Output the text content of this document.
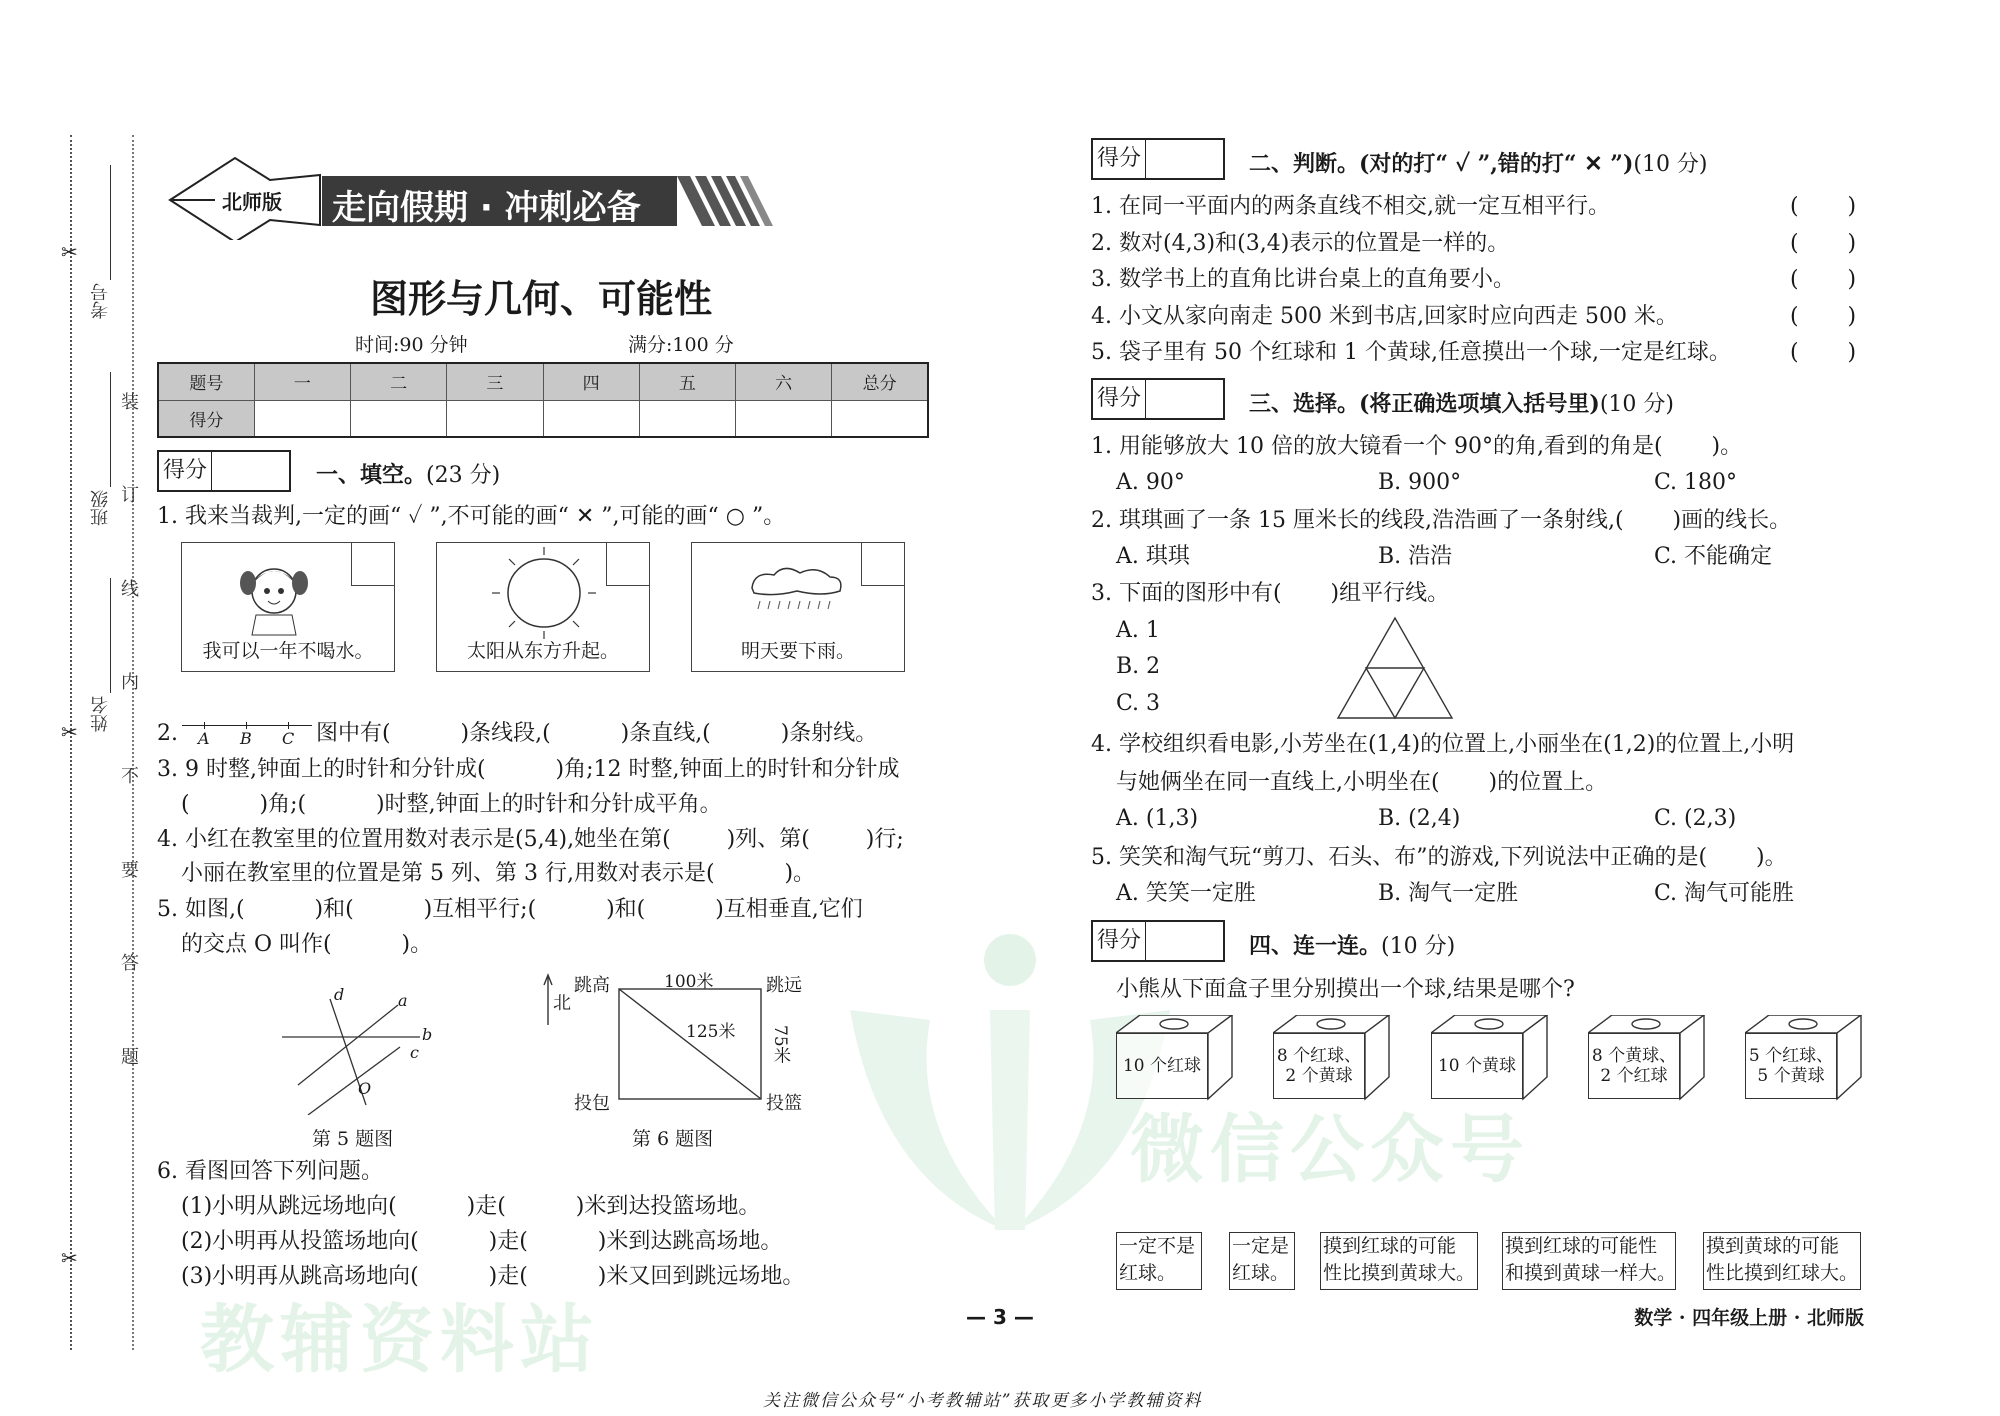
微信公众号
教辅资料站
✂
✂
✂
考号
班级
姓名
装
订
线
内
不
要
答
题
北师版 走向假期 · 冲刺必备
图形与几何、可能性
时间:90 分钟	满分:100 分
题号	一	二	三	四	五	六	总分
得分							
得分	一、填空。(23 分)
1. 我来当裁判,一定的画“ ✓ ”,不可能的画“ ✕ ”,可能的画“ ○ ”。
我可以一年不喝水。	太阳从东方升起。	明天要下雨。
2. A B C 图中有(          )条线段,(          )条直线,(          )条射线。
3. 9 时整,钟面上的时针和分针成(          )角;12 时整,钟面上的时针和分针成
(          )角;(          )时整,钟面上的时针和分针成平角。
4. 小红在教室里的位置用数对表示是(5,4),她坐在第(        )列、第(        )行;
小丽在教室里的位置是第 5 列、第 3 行,用数对表示是(          )。
5. 如图,(          )和(          )互相平行;(          )和(          )互相垂直,它们
的交点 O 叫作(          )。
d	a
b
c
O
第 5 题图
北
跳高	跳远
投包	投篮
100米
125米 75米
第 6 题图
6. 看图回答下列问题。
(1)小明从跳远场地向(          )走(          )米到达投篮场地。
(2)小明再从投篮场地向(          )走(          )米到达跳高场地。
(3)小明再从跳高场地向(          )走(          )米又回到跳远场地。
得分	二、判断。(对的打“ ✓ ”,错的打“ ✕ ”)(10 分)
1. 在同一平面内的两条直线不相交,就一定互相平行。
2. 数对(4,3)和(3,4)表示的位置是一样的。
3. 数学书上的直角比讲台桌上的直角要小。
4. 小文从家向南走 500 米到书店,回家时应向西走 500 米。
5. 袋子里有 50 个红球和 1 个黄球,任意摸出一个球,一定是红球。
(       )
(       )
(       )
(       )
(       )
得分	三、选择。(将正确选项填入括号里)(10 分)
1. 用能够放大 10 倍的放大镜看一个 90°的角,看到的角是(       )。
A. 90°	B. 900°	C. 180°
2. 琪琪画了一条 15 厘米长的线段,浩浩画了一条射线,(       )画的线长。
A. 琪琪	B. 浩浩	C. 不能确定
3. 下面的图形中有(       )组平行线。
A. 1
B. 2
C. 3
4. 学校组织看电影,小芳坐在(1,4)的位置上,小丽坐在(1,2)的位置上,小明
与她俩坐在同一直线上,小明坐在(       )的位置上。
A. (1,3)	B. (2,4)	C. (2,3)
5. 笑笑和淘气玩“剪刀、石头、布”的游戏,下列说法中正确的是(       )。
A. 笑笑一定胜	B. 淘气一定胜	C. 淘气可能胜
得分	四、连一连。(10 分)
小熊从下面盒子里分别摸出一个球,结果是哪个?
10 个红球	8 个红球、
2 个黄球	10 个黄球	8 个黄球、
2 个红球
5 个红球、
5 个黄球
一定不是
红球。
一定是
红球。
摸到红球的可能
性比摸到黄球大。
摸到红球的可能性
和摸到黄球一样大。
摸到黄球的可能
性比摸到红球大。
— 3 —	数学 · 四年级上册 · 北师版
关注微信公众号“小考教辅站”获取更多小学教辅资料
